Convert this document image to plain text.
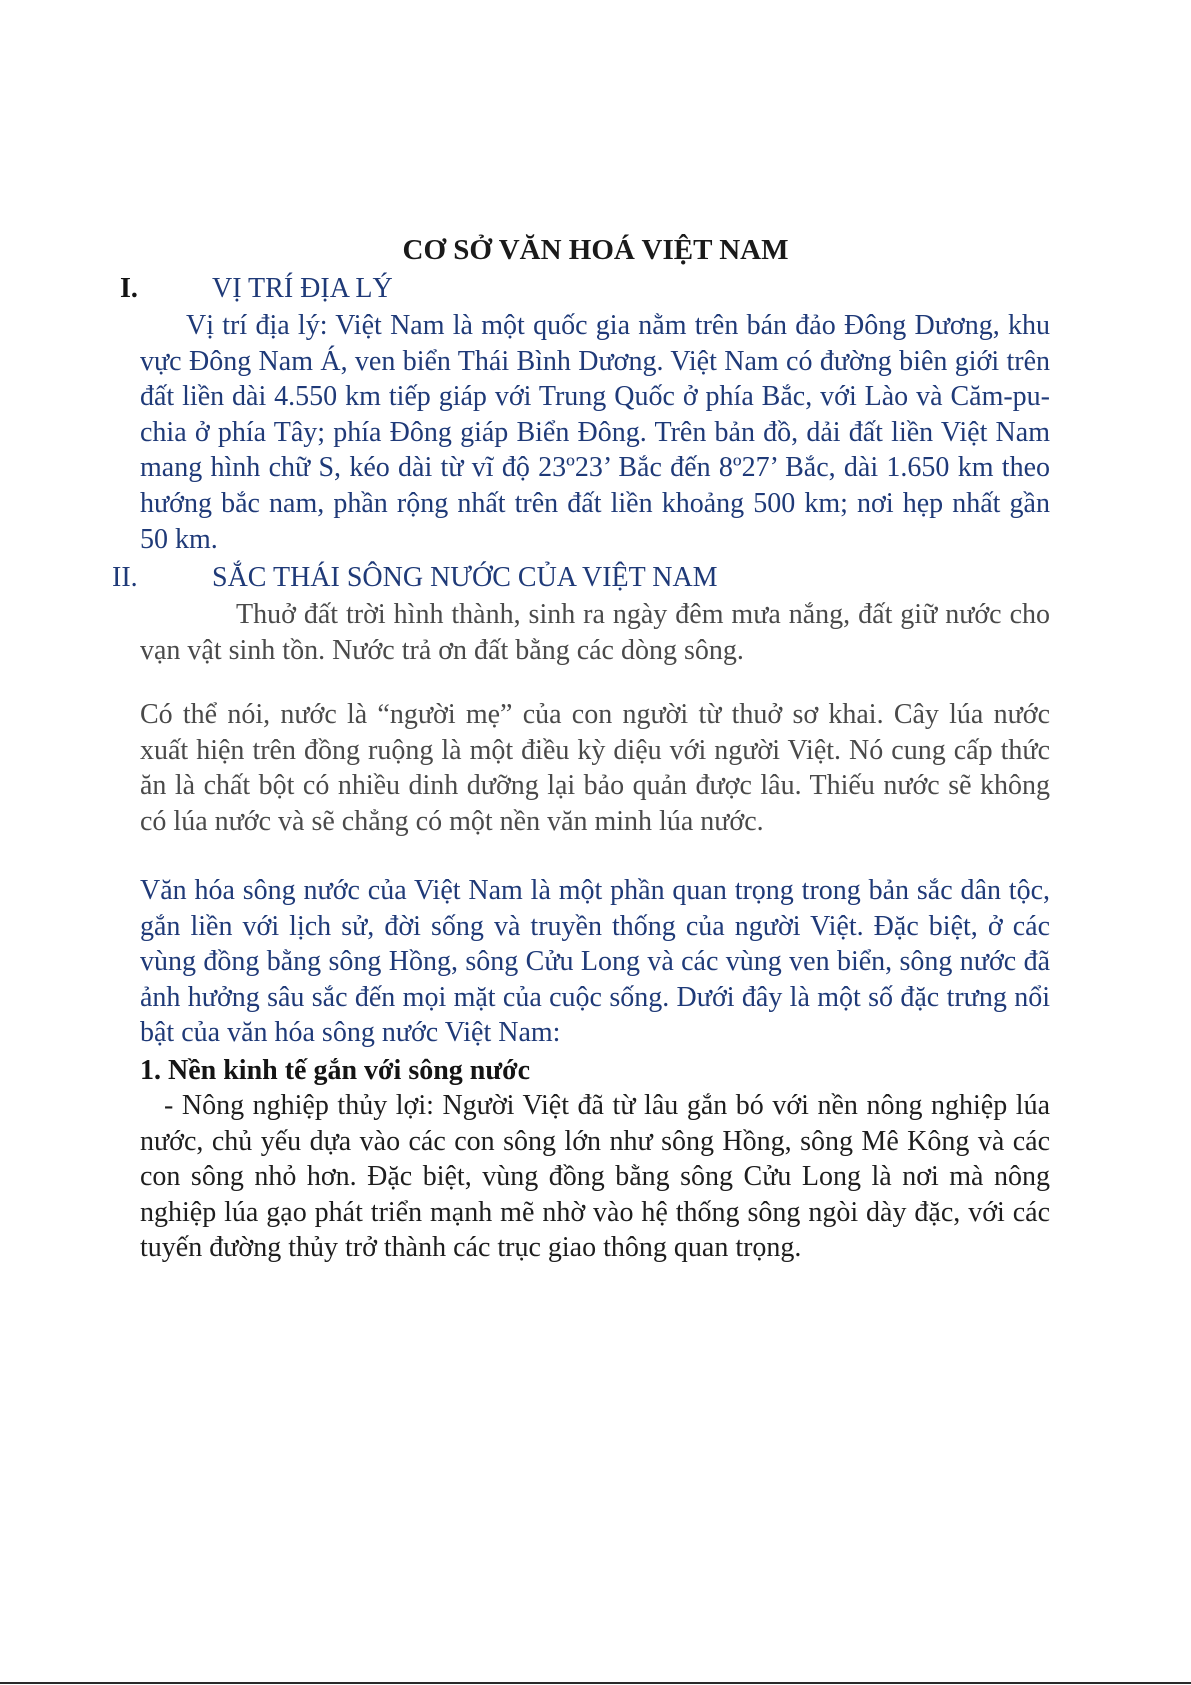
CƠ SỞ VĂN HOÁ VIỆT NAM
I.	VỊ TRÍ ĐỊA LÝ
Vị trí địa lý: Việt Nam là một quốc gia nằm trên bán đảo Đông Dương, khu vực Đông Nam Á, ven biển Thái Bình Dương. Việt Nam có đường biên giới trên đất liền dài 4.550 km tiếp giáp với Trung Quốc ở phía Bắc, với Lào và Căm-pu-chia ở phía Tây; phía Đông giáp Biển Đông. Trên bản đồ, dải đất liền Việt Nam mang hình chữ S, kéo dài từ vĩ độ 23º23’ Bắc đến 8º27’ Bắc, dài 1.650 km theo hướng bắc nam, phần rộng nhất trên đất liền khoảng 500 km; nơi hẹp nhất gần 50 km.
II.	SẮC THÁI SÔNG NƯỚC CỦA VIỆT NAM
Thuở đất trời hình thành, sinh ra ngày đêm mưa nắng, đất giữ nước cho vạn vật sinh tồn. Nước trả ơn đất bằng các dòng sông.
Có thể nói, nước là “người mẹ” của con người từ thuở sơ khai. Cây lúa nước xuất hiện trên đồng ruộng là một điều kỳ diệu với người Việt. Nó cung cấp thức ăn là chất bột có nhiều dinh dưỡng lại bảo quản được lâu. Thiếu nước sẽ không có lúa nước và sẽ chẳng có một nền văn minh lúa nước.
Văn hóa sông nước của Việt Nam là một phần quan trọng trong bản sắc dân tộc, gắn liền với lịch sử, đời sống và truyền thống của người Việt. Đặc biệt, ở các vùng đồng bằng sông Hồng, sông Cửu Long và các vùng ven biển, sông nước đã ảnh hưởng sâu sắc đến mọi mặt của cuộc sống. Dưới đây là một số đặc trưng nổi bật của văn hóa sông nước Việt Nam:
1. Nền kinh tế gắn với sông nước
- Nông nghiệp thủy lợi: Người Việt đã từ lâu gắn bó với nền nông nghiệp lúa nước, chủ yếu dựa vào các con sông lớn như sông Hồng, sông Mê Kông và các con sông nhỏ hơn. Đặc biệt, vùng đồng bằng sông Cửu Long là nơi mà nông nghiệp lúa gạo phát triển mạnh mẽ nhờ vào hệ thống sông ngòi dày đặc, với các tuyến đường thủy trở thành các trục giao thông quan trọng.
